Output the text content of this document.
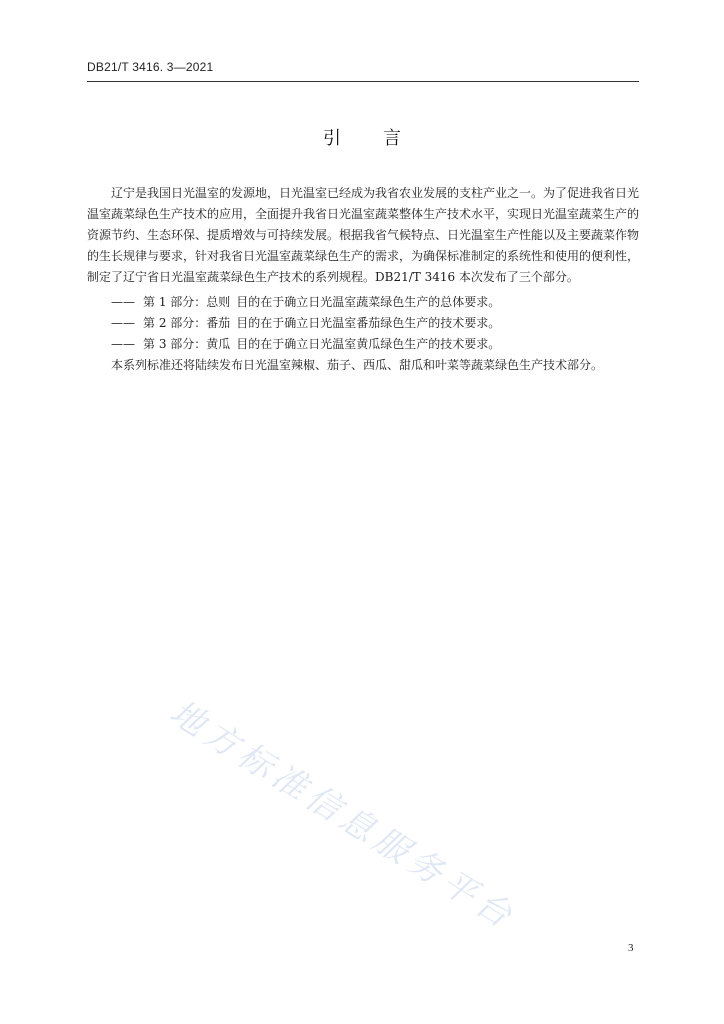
DB21/T 3416. 3—2021
引 言

辽宁是我国日光温室的发源地，日光温室已经成为我省农业发展的支柱产业之一。为了促进我省日光温室蔬菜绿色生产技术的应用，全面提升我省日光温室蔬菜整体生产技术水平，实现日光温室蔬菜生产的资源节约、生态环保、提质增效与可持续发展。根据我省气候特点、日光温室生产性能以及主要蔬菜作物的生长规律与要求，针对我省日光温室蔬菜绿色生产的需求，为确保标准制定的系统性和使用的便利性，制定了辽宁省日光温室蔬菜绿色生产技术的系列规程。DB21/T 3416 本次发布了三个部分。

—— 第 1 部分：总则 目的在于确立日光温室蔬菜绿色生产的总体要求。
—— 第 2 部分：番茄 目的在于确立日光温室番茄绿色生产的技术要求。
—— 第 3 部分：黄瓜 目的在于确立日光温室黄瓜绿色生产的技术要求。

本系列标准还将陆续发布日光温室辣椒、茄子、西瓜、甜瓜和叶菜等蔬菜绿色生产技术部分。

地方标准信息服务平台
3
